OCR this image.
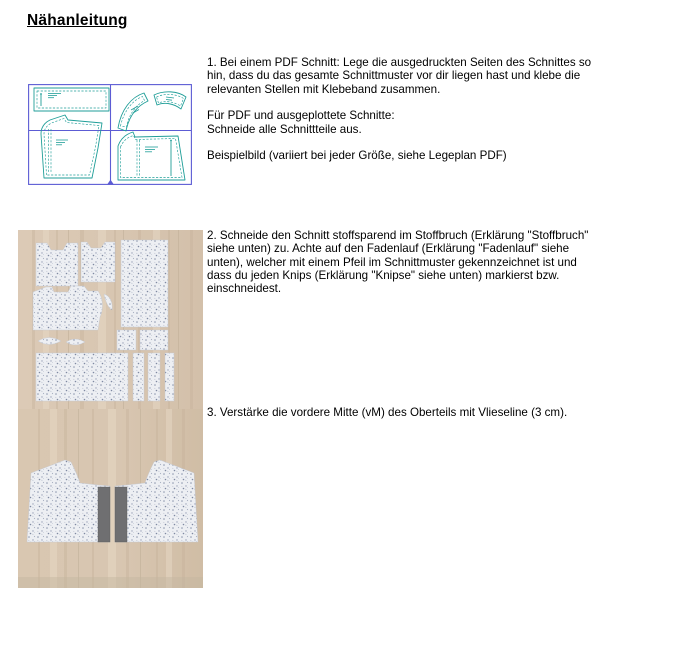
Nähanleitung
1. Bei einem PDF Schnitt: Lege die ausgedruckten Seiten des Schnittes so
hin, dass du das gesamte Schnittmuster vor dir liegen hast und klebe die
relevanten Stellen mit Klebeband zusammen.
Für PDF und ausgeplottete Schnitte:
Schneide alle Schnittteile aus.
Beispielbild (variiert bei jeder Größe, siehe Legeplan PDF)
2. Schneide den Schnitt stoffsparend im Stoffbruch (Erklärung "Stoffbruch"
siehe unten) zu. Achte auf den Fadenlauf (Erklärung "Fadenlauf" siehe
unten), welcher mit einem Pfeil im Schnittmuster gekennzeichnet ist und
dass du jeden Knips (Erklärung "Knipse" siehe unten) markierst bzw.
einschneidest.
3. Verstärke die vordere Mitte (vM) des Oberteils mit Vlieseline (3 cm).
